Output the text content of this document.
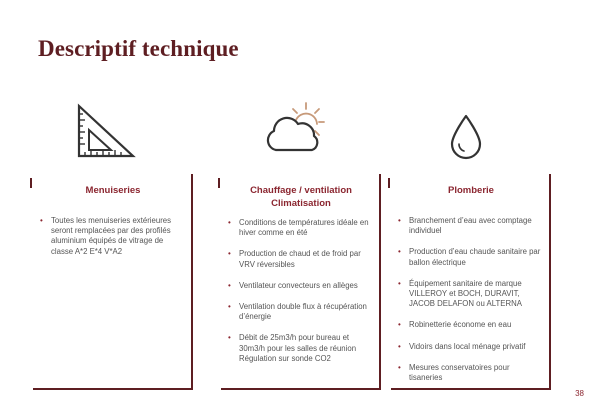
Descriptif technique
Menuiseries
• Toutes les menuiseries extérieures seront remplacées par des profilés aluminium équipés de vitrage de classe A*2 E*4 V*A2
Chauffage / ventilation Climatisation
• Conditions de températures idéale en hiver comme en été
• Production de chaud et de froid par VRV réversibles
• Ventilateur convecteurs en allèges
• Ventilation double flux à récupération d’énergie
• Débit de 25m3/h pour bureau et 30m3/h pour les salles de réunion Régulation sur sonde CO2
Plomberie
• Branchement d’eau avec comptage individuel
• Production d’eau chaude sanitaire par ballon électrique
• Équipement sanitaire de marque VILLEROY et BOCH, DURAVIT, JACOB DELAFON ou ALTERNA
• Robinetterie économe en eau
• Vidoirs dans local ménage privatif
• Mesures conservatoires pour tisaneries
38
